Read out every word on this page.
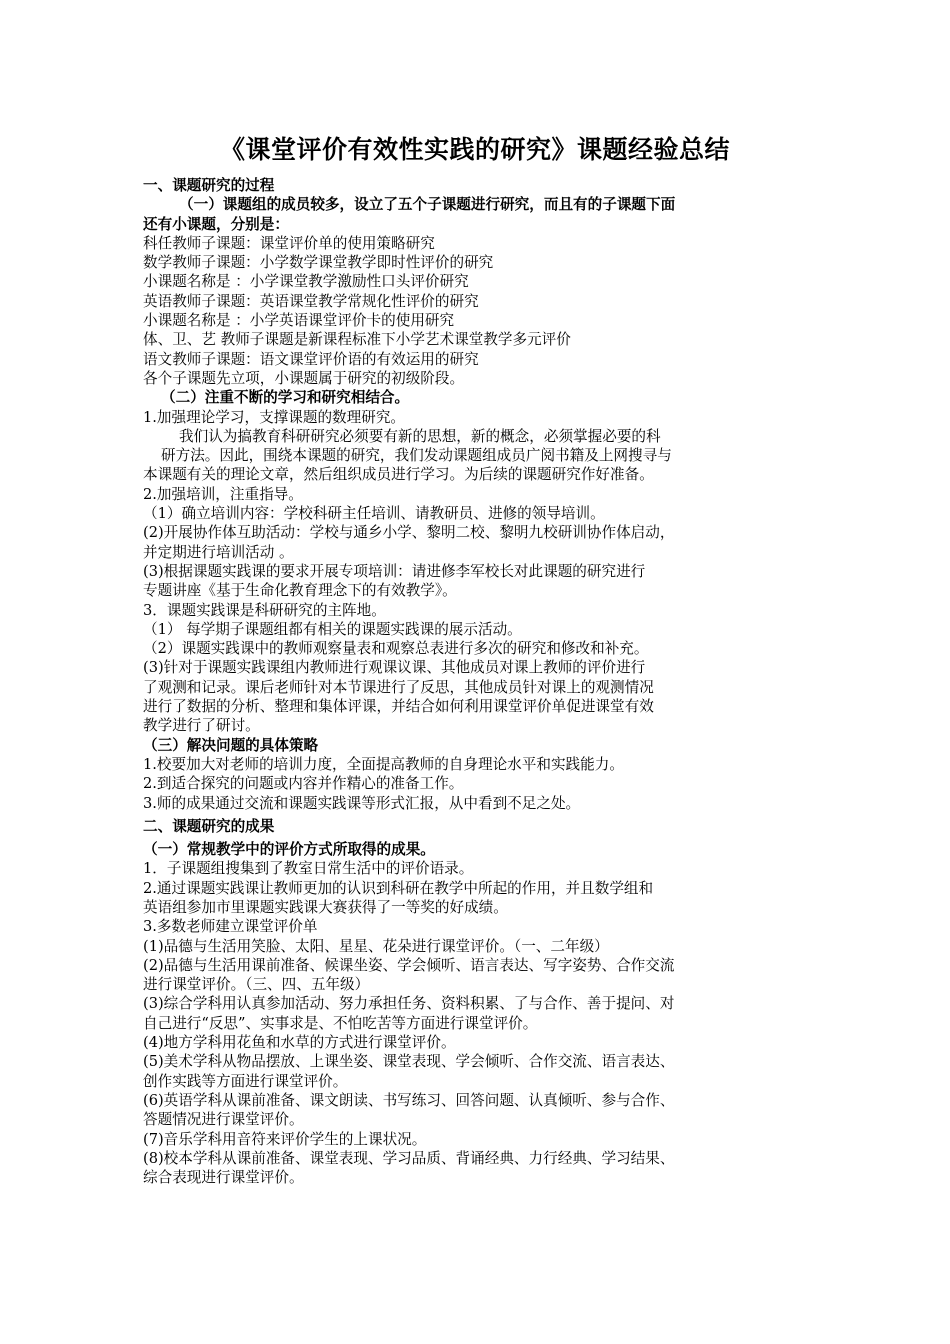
《课堂评价有效性实践的研究》课题经验总结
一、课题研究的过程
（一）课题组的成员较多，设立了五个子课题进行研究，而且有的子课题下面
还有小课题，分别是：
科任教师子课题：课堂评价单的使用策略研究
数学教师子课题：小学数学课堂教学即时性评价的研究
小课题名称是 ：小学课堂教学激励性口头评价研究
英语教师子课题：英语课堂教学常规化性评价的研究
小课题名称是 ：小学英语课堂评价卡的使用研究
体、卫、艺 教师子课题是新课程标准下小学艺术课堂教学多元评价
语文教师子课题：语文课堂评价语的有效运用的研究
各个子课题先立项，小课题属于研究的初级阶段。
（二）注重不断的学习和研究相结合。
1.加强理论学习，支撑课题的数理研究。
我们认为搞教育科研研究必须要有新的思想，新的概念，必须掌握必要的科
研方法。因此，围绕本课题的研究，我们发动课题组成员广阅书籍及上网搜寻与
本课题有关的理论文章，然后组织成员进行学习。为后续的课题研究作好准备。
2.加强培训，注重指导。
（1）确立培训内容：学校科研主任培训、请教研员、进修的领导培训。
(2)开展协作体互助活动：学校与通乡小学、黎明二校、黎明九校研训协作体启动，
并定期进行培训活动 。
(3)根据课题实践课的要求开展专项培训：请进修李军校长对此课题的研究进行
专题讲座《基于生命化教育理念下的有效教学》。
3．课题实践课是科研研究的主阵地。
（1） 每学期子课题组都有相关的课题实践课的展示活动。
（2）课题实践课中的教师观察量表和观察总表进行多次的研究和修改和补充。
(3)针对于课题实践课组内教师进行观课议课、其他成员对课上教师的评价进行
了观测和记录。课后老师针对本节课进行了反思，其他成员针对课上的观测情况
进行了数据的分析、整理和集体评课，并结合如何利用课堂评价单促进课堂有效
教学进行了研讨。
（三）解决问题的具体策略
1.校要加大对老师的培训力度，全面提高教师的自身理论水平和实践能力。
2.到适合探究的问题或内容并作精心的准备工作。
3.师的成果通过交流和课题实践课等形式汇报，从中看到不足之处。
二、课题研究的成果
（一）常规教学中的评价方式所取得的成果。
1．子课题组搜集到了教室日常生活中的评价语录。
2.通过课题实践课让教师更加的认识到科研在教学中所起的作用，并且数学组和
英语组参加市里课题实践课大赛获得了一等奖的好成绩。
3.多数老师建立课堂评价单
(1)品德与生活用笑脸、太阳、星星、花朵进行课堂评价。（一、二年级）
(2)品德与生活用课前准备、候课坐姿、学会倾听、语言表达、写字姿势、合作交流
进行课堂评价。（三、四、五年级）
(3)综合学科用认真参加活动、努力承担任务、资料积累、了与合作、善于提问、对
自己进行“反思”、实事求是、不怕吃苦等方面进行课堂评价。
(4)地方学科用花鱼和水草的方式进行课堂评价。
(5)美术学科从物品摆放、上课坐姿、课堂表现、学会倾听、合作交流、语言表达、
创作实践等方面进行课堂评价。
(6)英语学科从课前准备、课文朗读、书写练习、回答问题、认真倾听、参与合作、
答题情况进行课堂评价。
(7)音乐学科用音符来评价学生的上课状况。
(8)校本学科从课前准备、课堂表现、学习品质、背诵经典、力行经典、学习结果、
综合表现进行课堂评价。
